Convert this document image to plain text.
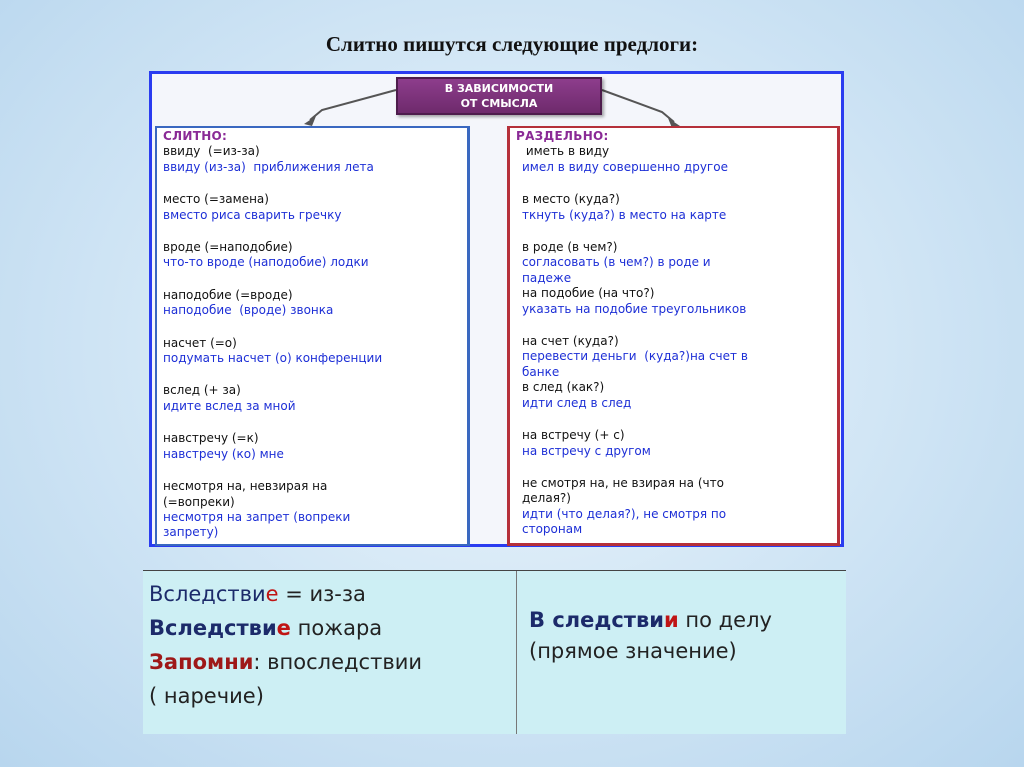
Слитно пишутся следующие предлоги:
В ЗАВИСИМОСТИ
ОТ СМЫСЛА
СЛИТНО:
ввиду  (=из-за)
ввиду (из-за)  приближения лета
место (=замена)
вместо риса сварить гречку
вроде (=наподобие)
что-то вроде (наподобие) лодки
наподобие (=вроде)
наподобие  (вроде) звонка
насчет (=о)
подумать насчет (о) конференции
вслед (+ за)
идите вслед за мной
навстречу (=к)
навстречу (ко) мне
несмотря на, невзирая на
(=вопреки)
несмотря на запрет (вопреки
запрету)
РАЗДЕЛЬНО:
иметь в виду
имел в виду совершенно другое
в место (куда?)
ткнуть (куда?) в место на карте
в роде (в чем?)
согласовать (в чем?) в роде и
падеже
на подобие (на что?)
указать на подобие треугольников
на счет (куда?)
перевести деньги  (куда?)на счет в
банке
в след (как?)
идти след в след
на встречу (+ с)
на встречу с другом
не смотря на, не взирая на (что
делая?)
идти (что делая?), не смотря по
сторонам
Вследствие = из-за
Вследствие пожара
Запомни: впоследствии
( наречие)
В следствии по делу
(прямое значение)
